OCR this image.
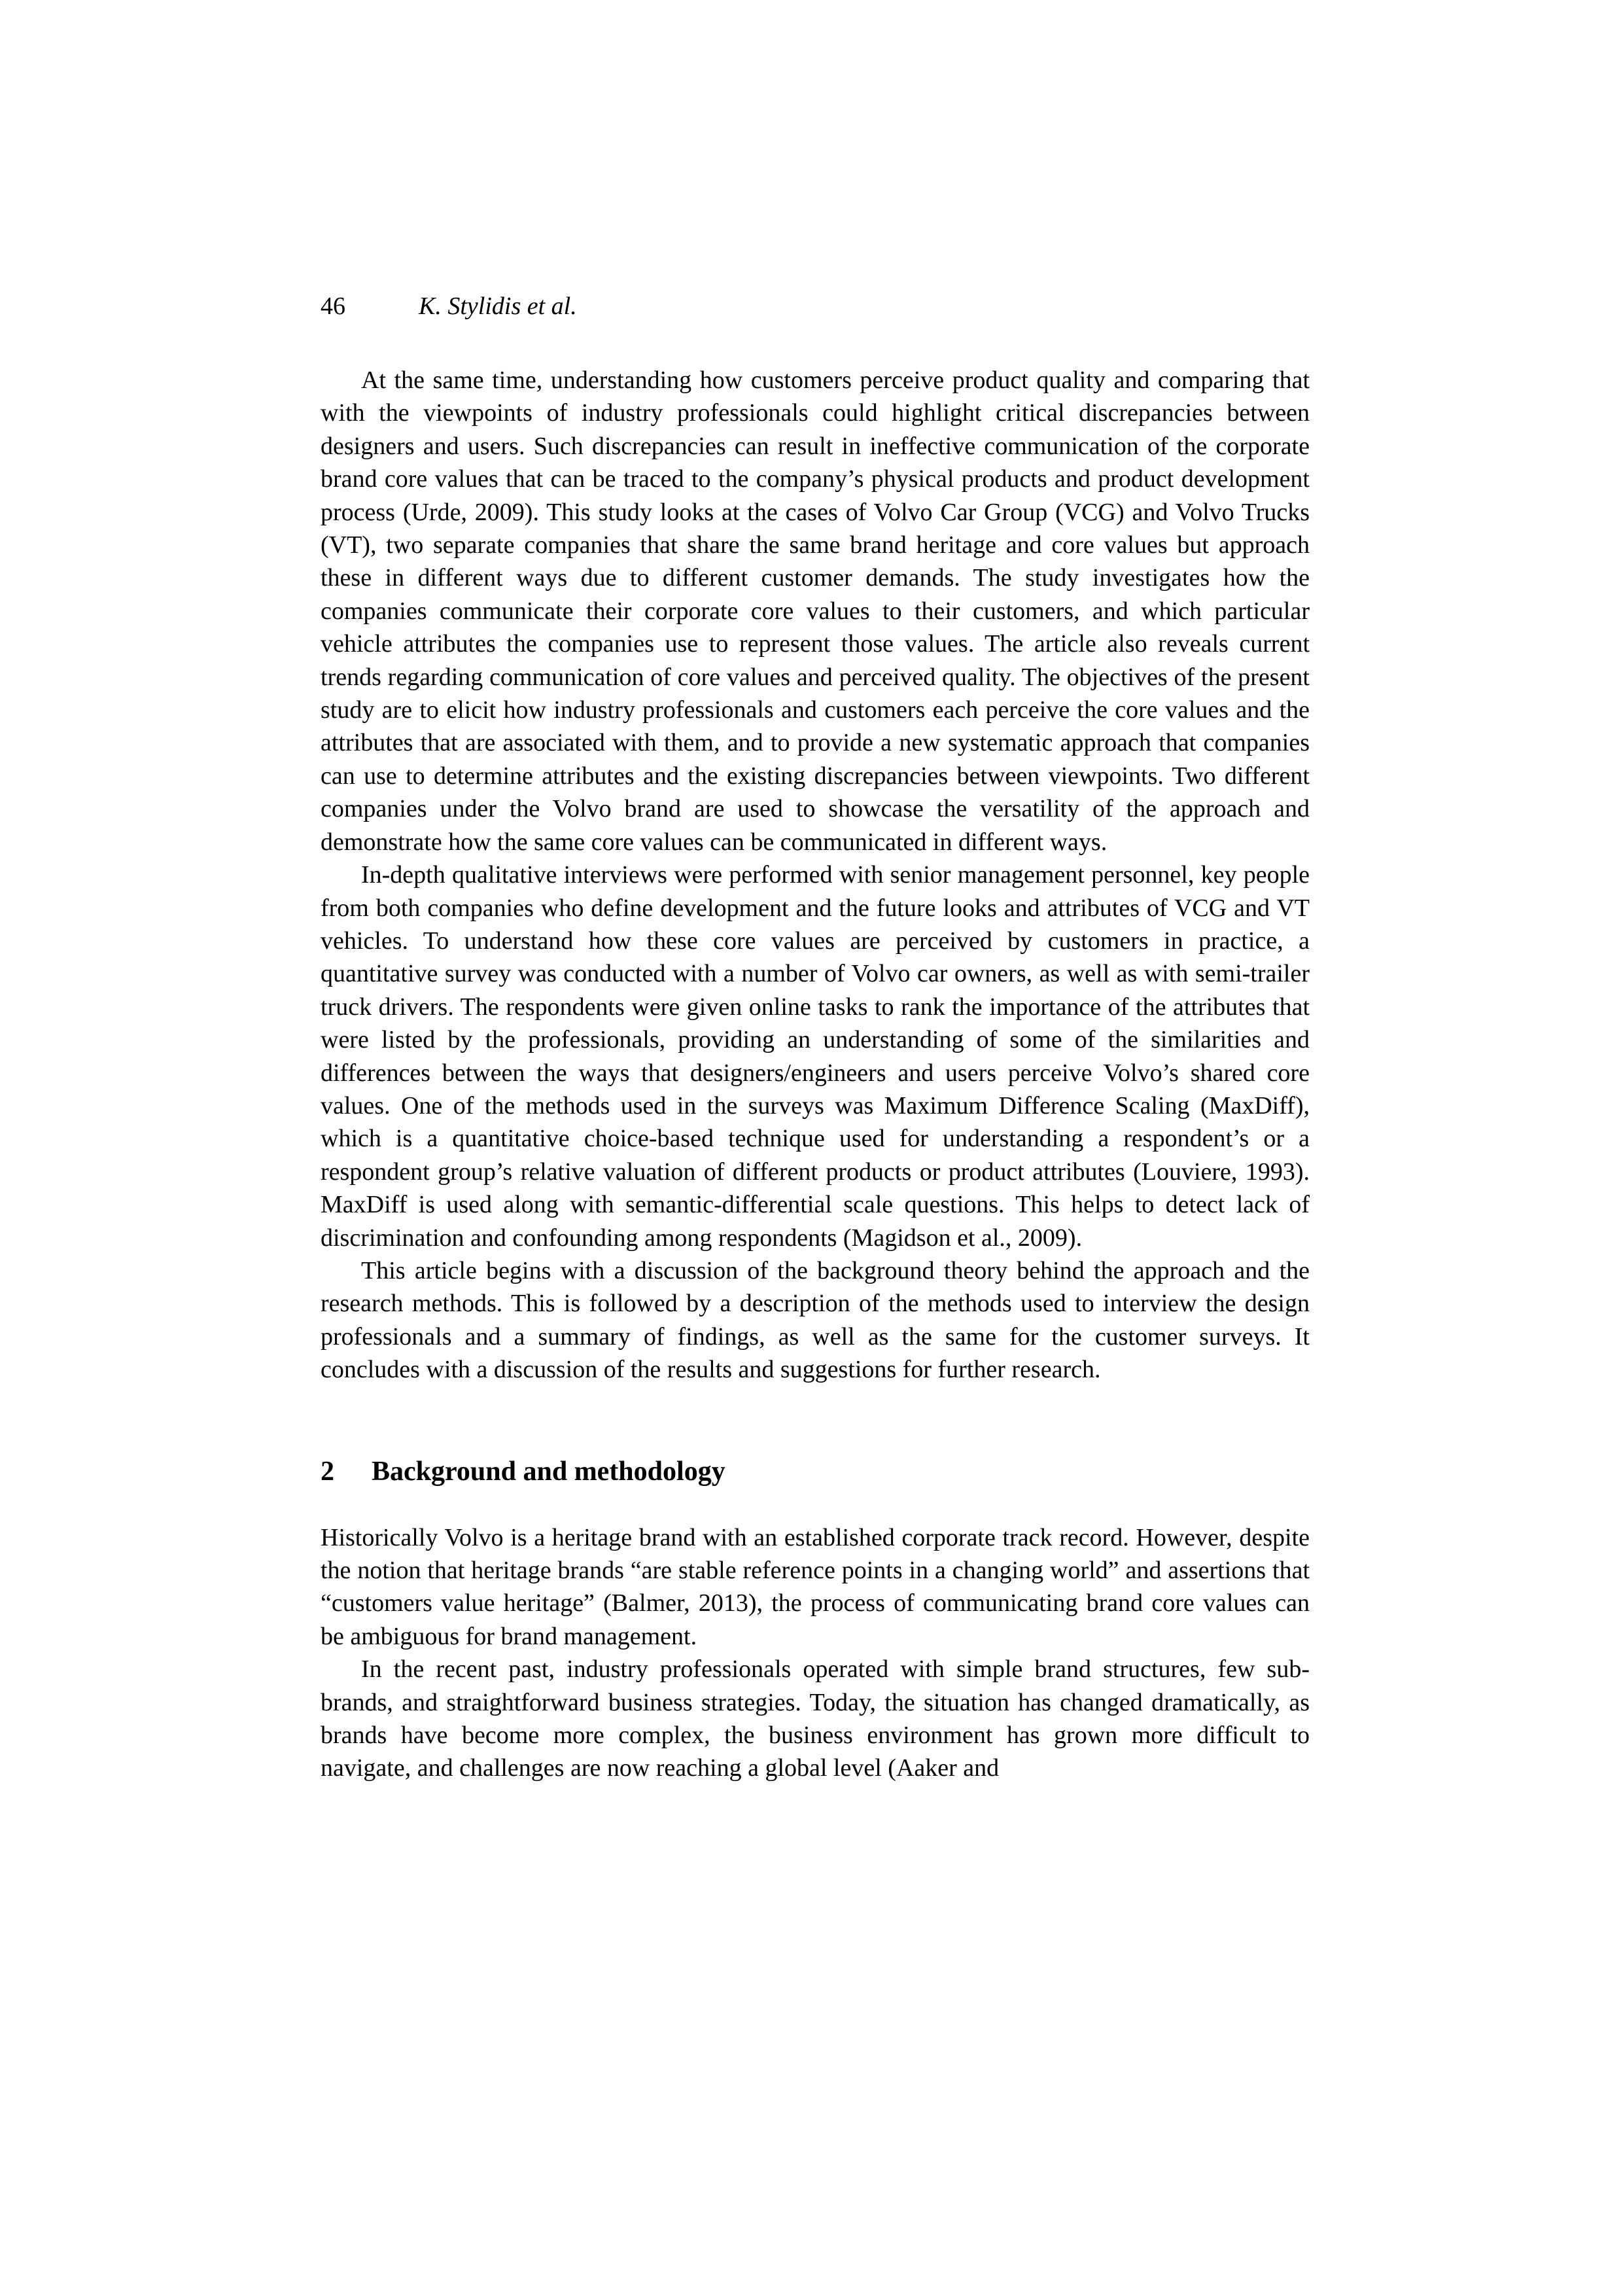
46	K. Stylidis et al.

At the same time, understanding how customers perceive product quality and comparing that with the viewpoints of industry professionals could highlight critical discrepancies between designers and users. Such discrepancies can result in ineffective communication of the corporate brand core values that can be traced to the company’s physical products and product development process (Urde, 2009). This study looks at the cases of Volvo Car Group (VCG) and Volvo Trucks (VT), two separate companies that share the same brand heritage and core values but approach these in different ways due to different customer demands. The study investigates how the companies communicate their corporate core values to their customers, and which particular vehicle attributes the companies use to represent those values. The article also reveals current trends regarding communication of core values and perceived quality. The objectives of the present study are to elicit how industry professionals and customers each perceive the core values and the attributes that are associated with them, and to provide a new systematic approach that companies can use to determine attributes and the existing discrepancies between viewpoints. Two different companies under the Volvo brand are used to showcase the versatility of the approach and demonstrate how the same core values can be communicated in different ways.

In-depth qualitative interviews were performed with senior management personnel, key people from both companies who define development and the future looks and attributes of VCG and VT vehicles. To understand how these core values are perceived by customers in practice, a quantitative survey was conducted with a number of Volvo car owners, as well as with semi-trailer truck drivers. The respondents were given online tasks to rank the importance of the attributes that were listed by the professionals, providing an understanding of some of the similarities and differences between the ways that designers/engineers and users perceive Volvo’s shared core values. One of the methods used in the surveys was Maximum Difference Scaling (MaxDiff), which is a quantitative choice-based technique used for understanding a respondent’s or a respondent group’s relative valuation of different products or product attributes (Louviere, 1993). MaxDiff is used along with semantic-differential scale questions. This helps to detect lack of discrimination and confounding among respondents (Magidson et al., 2009).

This article begins with a discussion of the background theory behind the approach and the research methods. This is followed by a description of the methods used to interview the design professionals and a summary of findings, as well as the same for the customer surveys. It concludes with a discussion of the results and suggestions for further research.

2 Background and methodology

Historically Volvo is a heritage brand with an established corporate track record. However, despite the notion that heritage brands “are stable reference points in a changing world” and assertions that “customers value heritage” (Balmer, 2013), the process of communicating brand core values can be ambiguous for brand management.

In the recent past, industry professionals operated with simple brand structures, few sub-brands, and straightforward business strategies. Today, the situation has changed dramatically, as brands have become more complex, the business environment has grown more difficult to navigate, and challenges are now reaching a global level (Aaker and
